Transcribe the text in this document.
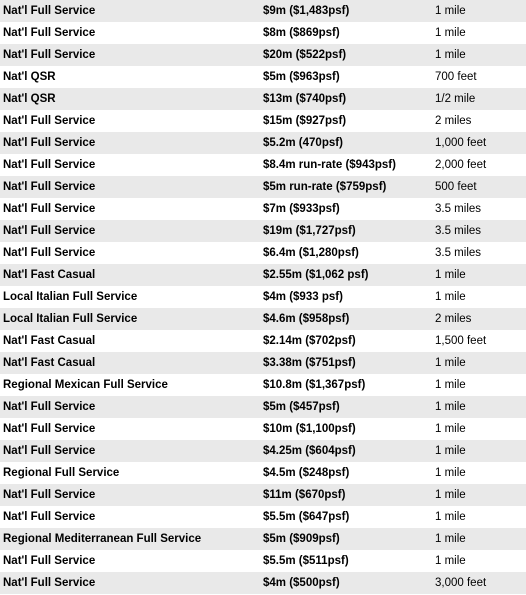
Nat'l Full Service	$9m ($1,483psf)	1 mile
Nat'l Full Service	$8m ($869psf)	1 mile
Nat'l Full Service	$20m ($522psf)	1 mile
Nat'l QSR	$5m ($963psf)	700 feet
Nat'l QSR	$13m ($740psf)	1/2 mile
Nat'l Full Service	$15m ($927psf)	2 miles
Nat'l Full Service	$5.2m (470psf)	1,000 feet
Nat'l Full Service	$8.4m run-rate ($943psf)	2,000 feet
Nat'l Full Service	$5m run-rate ($759psf)	500 feet
Nat'l Full Service	$7m ($933psf)	3.5 miles
Nat'l Full Service	$19m ($1,727psf)	3.5 miles
Nat'l Full Service	$6.4m ($1,280psf)	3.5 miles
Nat'l Fast Casual	$2.55m ($1,062 psf)	1 mile
Local Italian Full Service	$4m ($933 psf)	1 mile
Local Italian Full Service	$4.6m ($958psf)	2 miles
Nat'l Fast Casual	$2.14m ($702psf)	1,500 feet
Nat'l Fast Casual	$3.38m ($751psf)	1 mile
Regional Mexican Full Service	$10.8m ($1,367psf)	1 mile
Nat'l Full Service	$5m ($457psf)	1 mile
Nat'l Full Service	$10m ($1,100psf)	1 mile
Nat'l Full Service	$4.25m ($604psf)	1 mile
Regional Full Service	$4.5m ($248psf)	1 mile
Nat'l Full Service	$11m ($670psf)	1 mile
Nat'l Full Service	$5.5m ($647psf)	1 mile
Regional Mediterranean Full Service	$5m ($909psf)	1 mile
Nat'l Full Service	$5.5m ($511psf)	1 mile
Nat'l Full Service	$4m ($500psf)	3,000 feet
